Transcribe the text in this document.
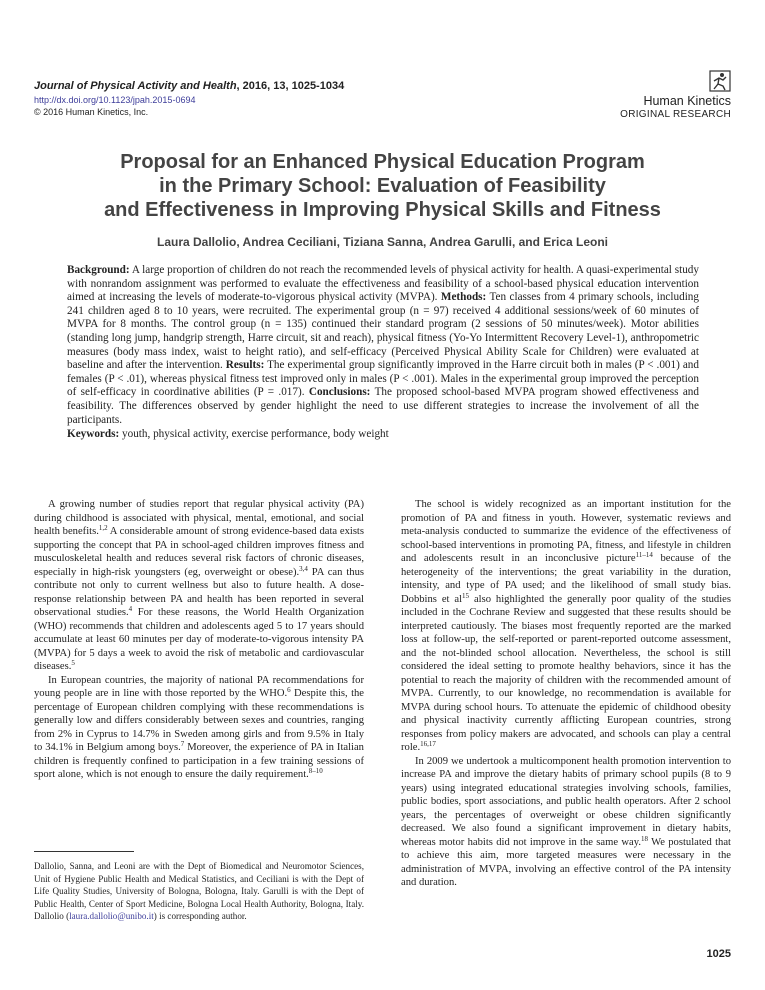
Journal of Physical Activity and Health, 2016, 13, 1025-1034
http://dx.doi.org/10.1123/jpah.2015-0694
© 2016 Human Kinetics, Inc.
Human Kinetics
ORIGINAL RESEARCH
Proposal for an Enhanced Physical Education Program
in the Primary School: Evaluation of Feasibility
and Effectiveness in Improving Physical Skills and Fitness
Laura Dallolio, Andrea Ceciliani, Tiziana Sanna, Andrea Garulli, and Erica Leoni
Background: A large proportion of children do not reach the recommended levels of physical activity for health. A quasi-experimental study with nonrandom assignment was performed to evaluate the effectiveness and feasibility of a school-based physical education intervention aimed at increasing the levels of moderate-to-vigorous physical activity (MVPA). Methods: Ten classes from 4 primary schools, including 241 children aged 8 to 10 years, were recruited. The experimental group (n = 97) received 4 additional sessions/week of 60 minutes of MVPA for 8 months. The control group (n = 135) continued their standard program (2 sessions of 50 minutes/week). Motor abilities (standing long jump, handgrip strength, Harre circuit, sit and reach), physical fitness (Yo-Yo Intermittent Recovery Level-1), anthropometric measures (body mass index, waist to height ratio), and self-efficacy (Perceived Physical Ability Scale for Children) were evaluated at baseline and after the intervention. Results: The experimental group significantly improved in the Harre circuit both in males (P < .001) and females (P < .01), whereas physical fitness test improved only in males (P < .001). Males in the experimental group improved the perception of self-efficacy in coordinative abilities (P = .017). Conclusions: The proposed school-based MVPA program showed effectiveness and feasibility. The differences observed by gender highlight the need to use different strategies to increase the involvement of all the participants.
Keywords: youth, physical activity, exercise performance, body weight

A growing number of studies report that regular physical activity (PA) during childhood is associated with physical, mental, emotional, and social health benefits.$^{1,2}$ A considerable amount of strong evidence-based data exists supporting the concept that PA in school-aged children improves fitness and musculoskeletal health and reduces several risk factors of chronic diseases, especially in high-risk youngsters (eg, overweight or obese).$^{3,4}$ PA can thus contribute not only to current wellness but also to future health. A dose-response relationship between PA and health has been reported in several observational studies.$^4$ For these reasons, the World Health Organization (WHO) recommends that children and adolescents aged 5 to 17 years should accumulate at least 60 minutes per day of moderate-to-vigorous intensity PA (MVPA) for 5 days a week to avoid the risk of metabolic and cardiovascular diseases.$^5$

In European countries, the majority of national PA recommendations for young people are in line with those reported by the WHO.$^6$ Despite this, the percentage of European children complying with these recommendations is generally low and differs considerably between sexes and countries, ranging from 2% in Cyprus to 14.7% in Sweden among girls and from 9.5% in Italy to 34.1% in Belgium among boys.$^7$ Moreover, the experience of PA in Italian children is frequently confined to participation in a few training sessions of sport alone, which is not enough to ensure the daily requirement.$^{8-10}$

Dallolio, Sanna, and Leoni are with the Dept of Biomedical and Neuromotor Sciences, Unit of Hygiene Public Health and Medical Statistics, and Ceciliani is with the Dept of Life Quality Studies, University of Bologna, Bologna, Italy. Garulli is with the Dept of Public Health, Center of Sport Medicine, Bologna Local Health Authority, Bologna, Italy. Dallolio (laura.dallolio@unibo.it) is corresponding author.

The school is widely recognized as an important institution for the promotion of PA and fitness in youth. However, systematic reviews and meta-analysis conducted to summarize the evidence of the effectiveness of school-based interventions in promoting PA, fitness, and lifestyle in children and adolescents result in an inconclusive picture$^{11-14}$ because of the heterogeneity of the interventions; the great variability in the duration, intensity, and type of PA used; and the likelihood of small study bias. Dobbins et $al^{15}$ also highlighted the generally poor quality of the studies included in the Cochrane Review and suggested that these results should be interpreted cautiously. The biases most frequently reported are the marked loss at follow-up, the self-reported or parent-reported outcome assessment, and the not-blinded school allocation. Nevertheless, the school is still considered the ideal setting to promote healthy behaviors, since it has the potential to reach the majority of children with the recommended amount of MVPA. Currently, to our knowledge, no recommendation is available for MVPA during school hours. To attenuate the epidemic of childhood obesity and physical inactivity currently afflicting European countries, strong responses from policy makers are advocated, and schools can play a central role.$^{16,17}$

In 2009 we undertook a multicomponent health promotion intervention to increase PA and improve the dietary habits of primary school pupils (8 to 9 years) using integrated educational strategies involving schools, families, public bodies, sport associations, and public health operators. After 2 school years, the percentages of overweight or obese children significantly decreased. We also found a significant improvement in dietary habits, whereas motor habits did not improve in the same way.$^{18}$ We postulated that to achieve this aim, more targeted measures were necessary in the administration of MVPA, involving an effective control of the PA intensity and duration.

1025
